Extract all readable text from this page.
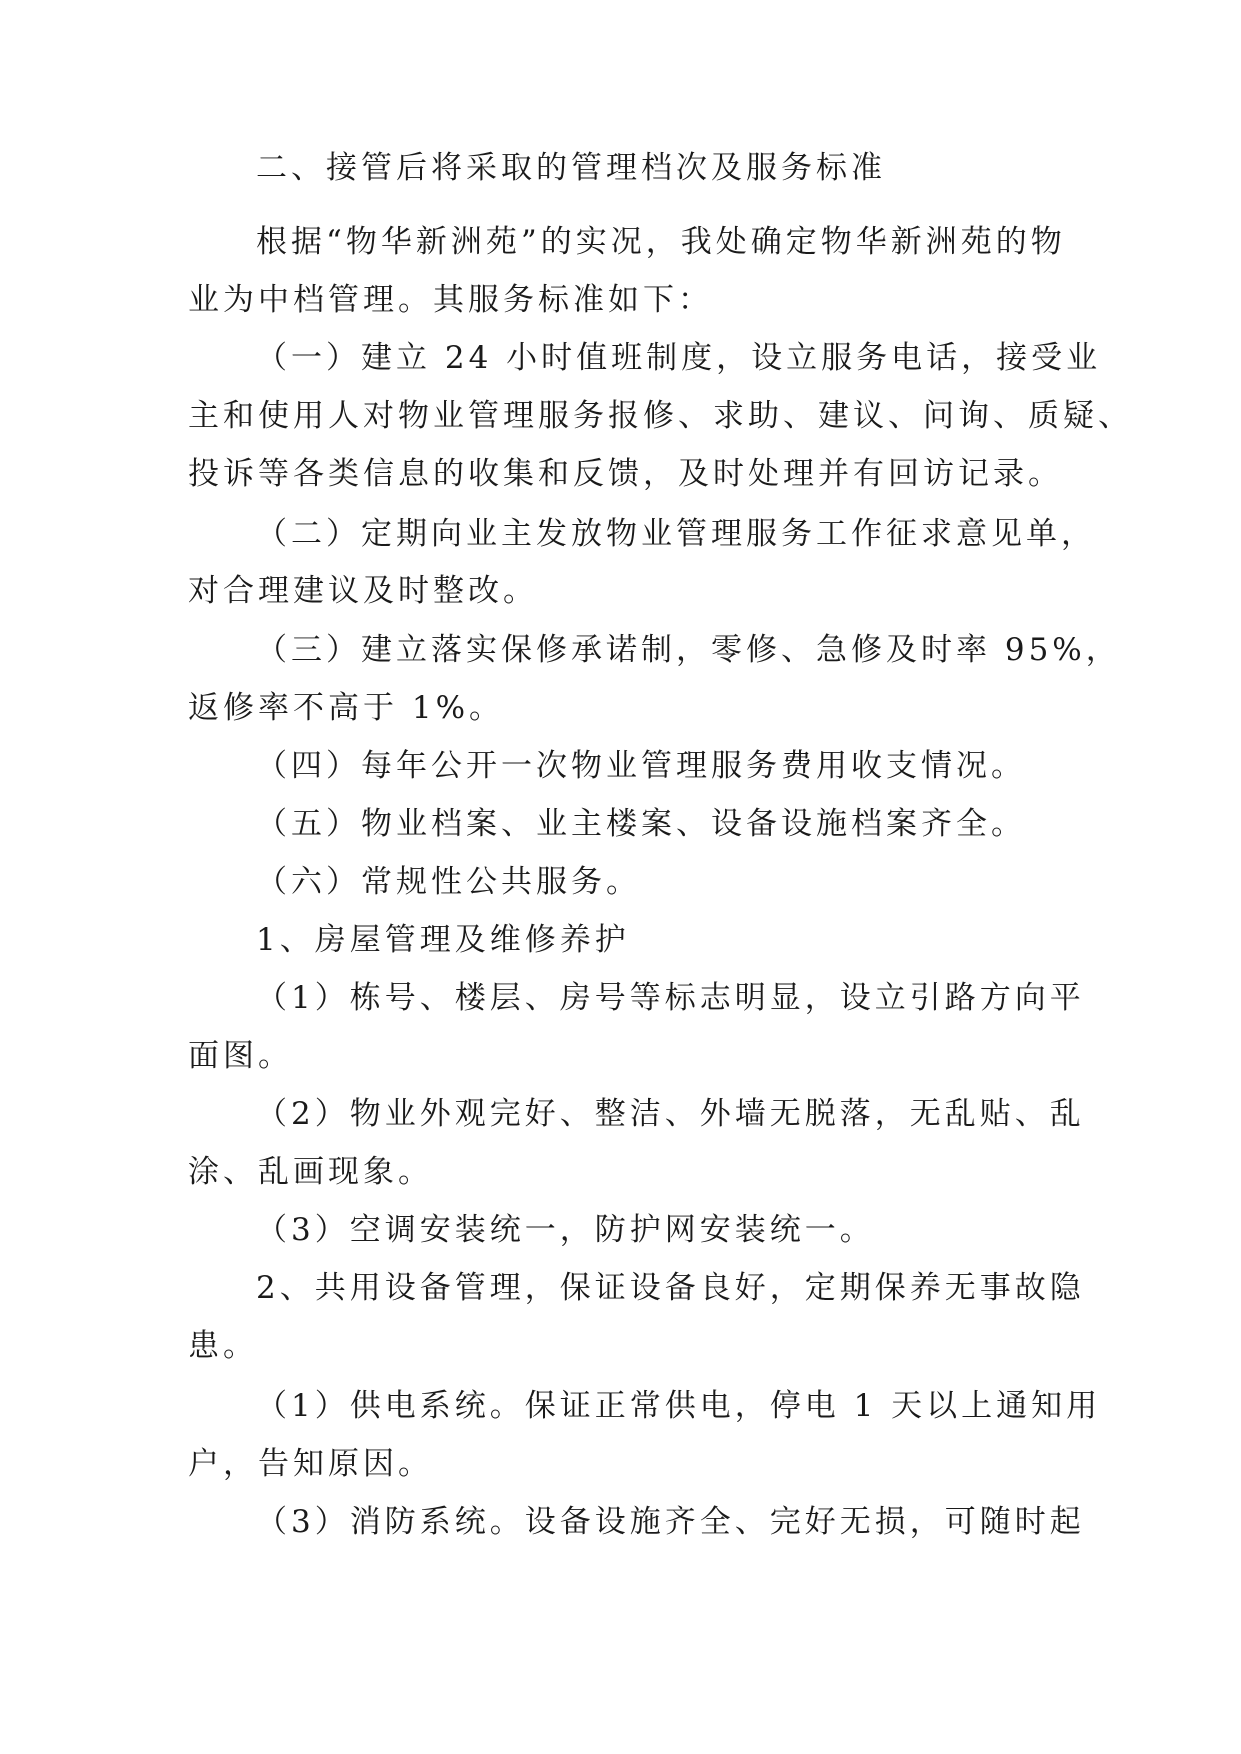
二、接管后将采取的管理档次及服务标准
根据“物华新洲苑”的实况，我处确定物华新洲苑的物
业为中档管理。其服务标准如下：
（一）建立 24 小时值班制度，设立服务电话，接受业
主和使用人对物业管理服务报修、求助、建议、问询、质疑、
投诉等各类信息的收集和反馈，及时处理并有回访记录。
（二）定期向业主发放物业管理服务工作征求意见单，
对合理建议及时整改。
（三）建立落实保修承诺制，零修、急修及时率 95%，
返修率不高于 1%。
（四）每年公开一次物业管理服务费用收支情况。
（五）物业档案、业主楼案、设备设施档案齐全。
（六）常规性公共服务。
1、房屋管理及维修养护
（1）栋号、楼层、房号等标志明显，设立引路方向平
面图。
（2）物业外观完好、整洁、外墙无脱落，无乱贴、乱
涂、乱画现象。
（3）空调安装统一，防护网安装统一。
2、共用设备管理，保证设备良好，定期保养无事故隐
患。
（1）供电系统。保证正常供电，停电 1 天以上通知用
户，告知原因。
（3）消防系统。设备设施齐全、完好无损，可随时起
